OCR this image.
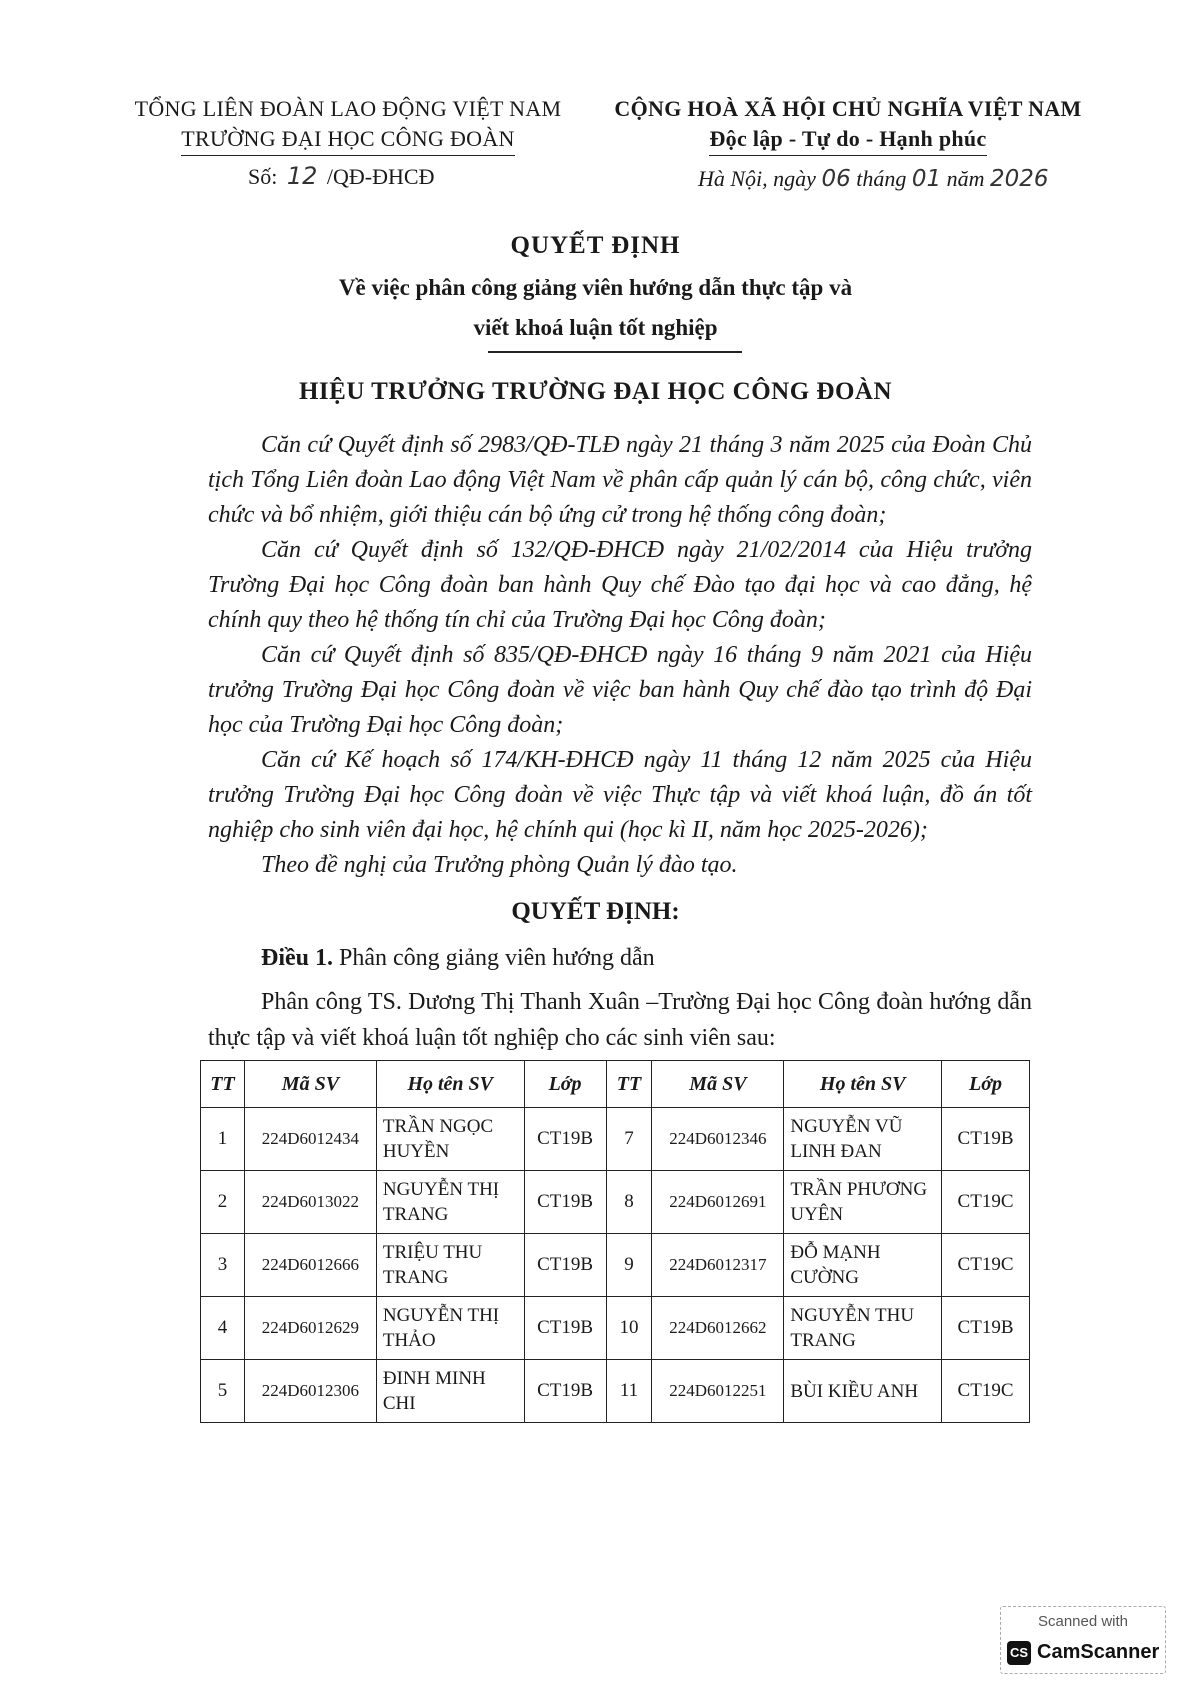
TỔNG LIÊN ĐOÀN LAO ĐỘNG VIỆT NAM
TRƯỜNG ĐẠI HỌC CÔNG ĐOÀN
Số: 12 /QĐ-ĐHCĐ
CỘNG HOÀ XÃ HỘI CHỦ NGHĨA VIỆT NAM
Độc lập - Tự do - Hạnh phúc
Hà Nội, ngày 06 tháng 01 năm 2026
QUYẾT ĐỊNH
Về việc phân công giảng viên hướng dẫn thực tập và
viết khoá luận tốt nghiệp
HIỆU TRƯỞNG TRƯỜNG ĐẠI HỌC CÔNG ĐOÀN

Căn cứ Quyết định số 2983/QĐ-TLĐ ngày 21 tháng 3 năm 2025 của Đoàn Chủ tịch Tổng Liên đoàn Lao động Việt Nam về phân cấp quản lý cán bộ, công chức, viên chức và bổ nhiệm, giới thiệu cán bộ ứng cử trong hệ thống công đoàn;

Căn cứ Quyết định số 132/QĐ-ĐHCĐ ngày 21/02/2014 của Hiệu trưởng Trường Đại học Công đoàn ban hành Quy chế Đào tạo đại học và cao đẳng, hệ chính quy theo hệ thống tín chỉ của Trường Đại học Công đoàn;

Căn cứ Quyết định số 835/QĐ-ĐHCĐ ngày 16 tháng 9 năm 2021 của Hiệu trưởng Trường Đại học Công đoàn về việc ban hành Quy chế đào tạo trình độ Đại học của Trường Đại học Công đoàn;

Căn cứ Kế hoạch số 174/KH-ĐHCĐ ngày 11 tháng 12 năm 2025 của Hiệu trưởng Trường Đại học Công đoàn về việc Thực tập và viết khoá luận, đồ án tốt nghiệp cho sinh viên đại học, hệ chính qui (học kì II, năm học 2025-2026);

Theo đề nghị của Trưởng phòng Quản lý đào tạo.

QUYẾT ĐỊNH:
Điều 1. Phân công giảng viên hướng dẫn

Phân công TS. Dương Thị Thanh Xuân –Trường Đại học Công đoàn hướng dẫn thực tập và viết khoá luận tốt nghiệp cho các sinh viên sau:

TT	Mã SV	Họ tên SV	Lớp	TT	Mã SV	Họ tên SV	Lớp
1	224D6012434	TRẦN NGỌC HUYỀN	CT19B	7	224D6012346	NGUYỄN VŨ LINH ĐAN	CT19B
2	224D6013022	NGUYỄN THỊ TRANG	CT19B	8	224D6012691	TRẦN PHƯƠNG UYÊN	CT19C
3	224D6012666	TRIỆU THU TRANG	CT19B	9	224D6012317	ĐỖ MẠNH CƯỜNG	CT19C
4	224D6012629	NGUYỄN THỊ THẢO	CT19B	10	224D6012662	NGUYỄN THU TRANG	CT19B
5	224D6012306	ĐINH MINH CHI	CT19B	11	224D6012251	BÙI KIỀU ANH	CT19C
Scanned with
CS CamScanner
